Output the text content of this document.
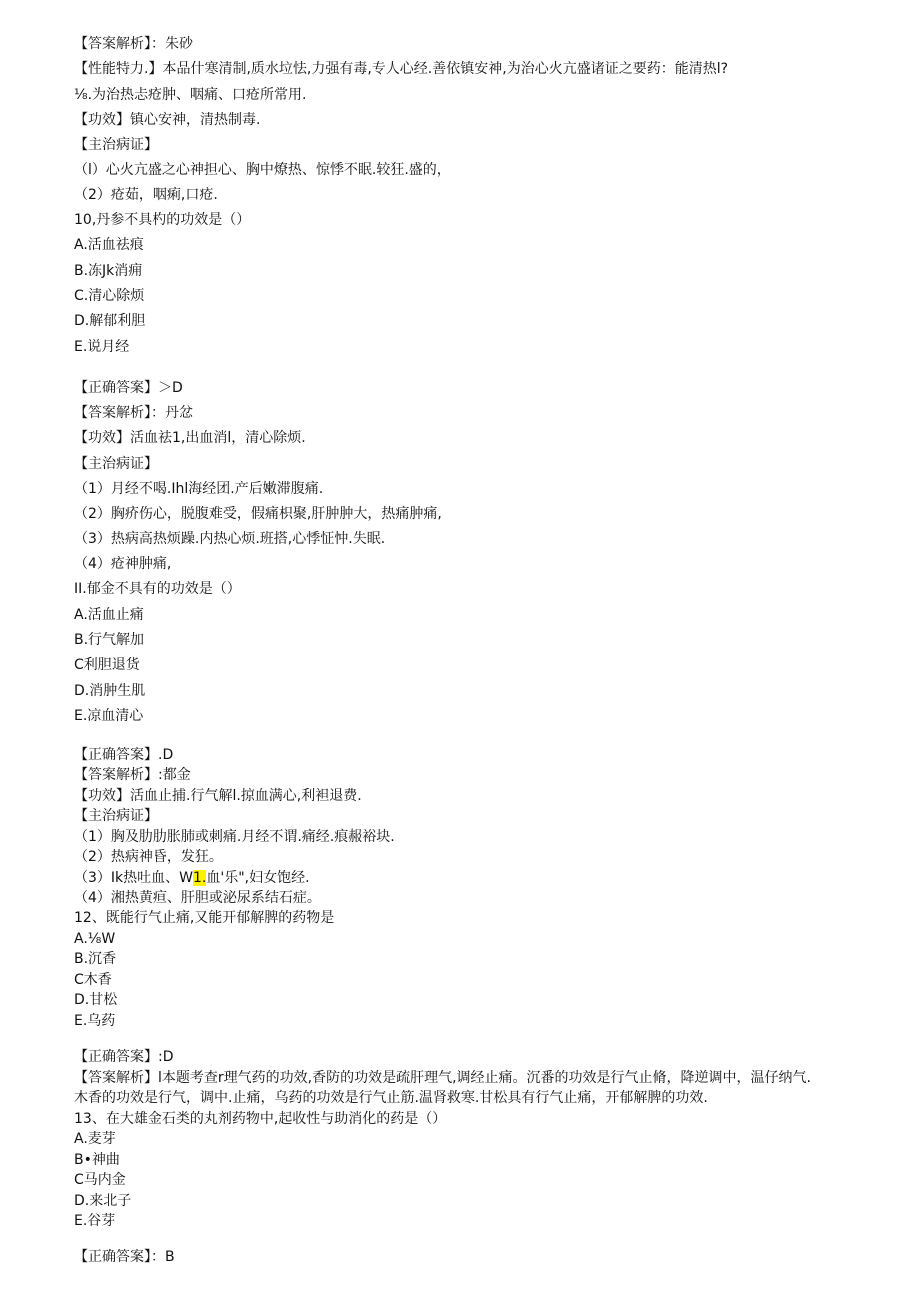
【答案解析】：朱砂
【性能特力.】本品什寒清制,质水垃怯,力强有毒,专人心经.善依镇安神,为治心火亢盛诸证之要药：能清热l?
⅛.为治热忐疮肿、咽痛、口疮所常用.
【功效】镇心安神，清热制毒.
【主治病证】
（l）心火亢盛之心神担心、胸中燎热、惊悸不眠.较狂.盛的，
（2）疮茹，咽痢,口疮.
10,丹参不具杓的功效是（）
A.活血祛痕
B.冻Jk消痈
C.清心除烦
D.解郁利胆
E.说月经
【正确答案】＞D
【答案解析】：丹忿
【功效】活血祛1,出血消l，清心除烦.
【主治病证】
（1）月经不喝.Ihl海经团.产后嫩滞腹痛.
（2）胸疥伤心，脱腹难受，假痛枳聚,肝肿肿大，热痛肿痛,
（3）热病高热烦躁.内热心烦.班搭,心悸怔忡.失眠.
（4）疮神肿痛,
II.郁金不具有的功效是（）
A.活血止痛
B.行气解加
C利胆退货
D.消肿生肌
E.凉血清心
【正确答案】.D
【答案解析】:都金
【功效】活血止捕.行气解l.掠血满心,利袒退费.
【主治病证】
（1）胸及肋肋胀肺或刺痛.月经不谓.痛经.痕赧裕块.
（2）热病神昏，发狂。
（3）Ik热吐血、W1.血'乐",妇女饱经.
（4）湘热黄疸、肝胆或泌尿系结石症。
12、既能行气止痛,又能开郁解脾的药物是
A.⅛W
B.沉香
C木香
D.甘松
E.乌药
【正确答案】:D
【答案解析】l本题考查r理气药的功效,香防的功效是疏肝理气,调经止痛。沉番的功效是行气止脩，降逆调中，温仔纳气.
木香的功效是行气，调中.止痛，乌药的功效是行气止筋.温肾救寒.甘松具有行气止痛，开郁解脾的功效.
13、在大雄金石类的丸剂药物中,起收性与助消化的药是（）
A.麦芽
B•神曲
C马内金
D.来北子
E.谷芽
【正确答案】：B
